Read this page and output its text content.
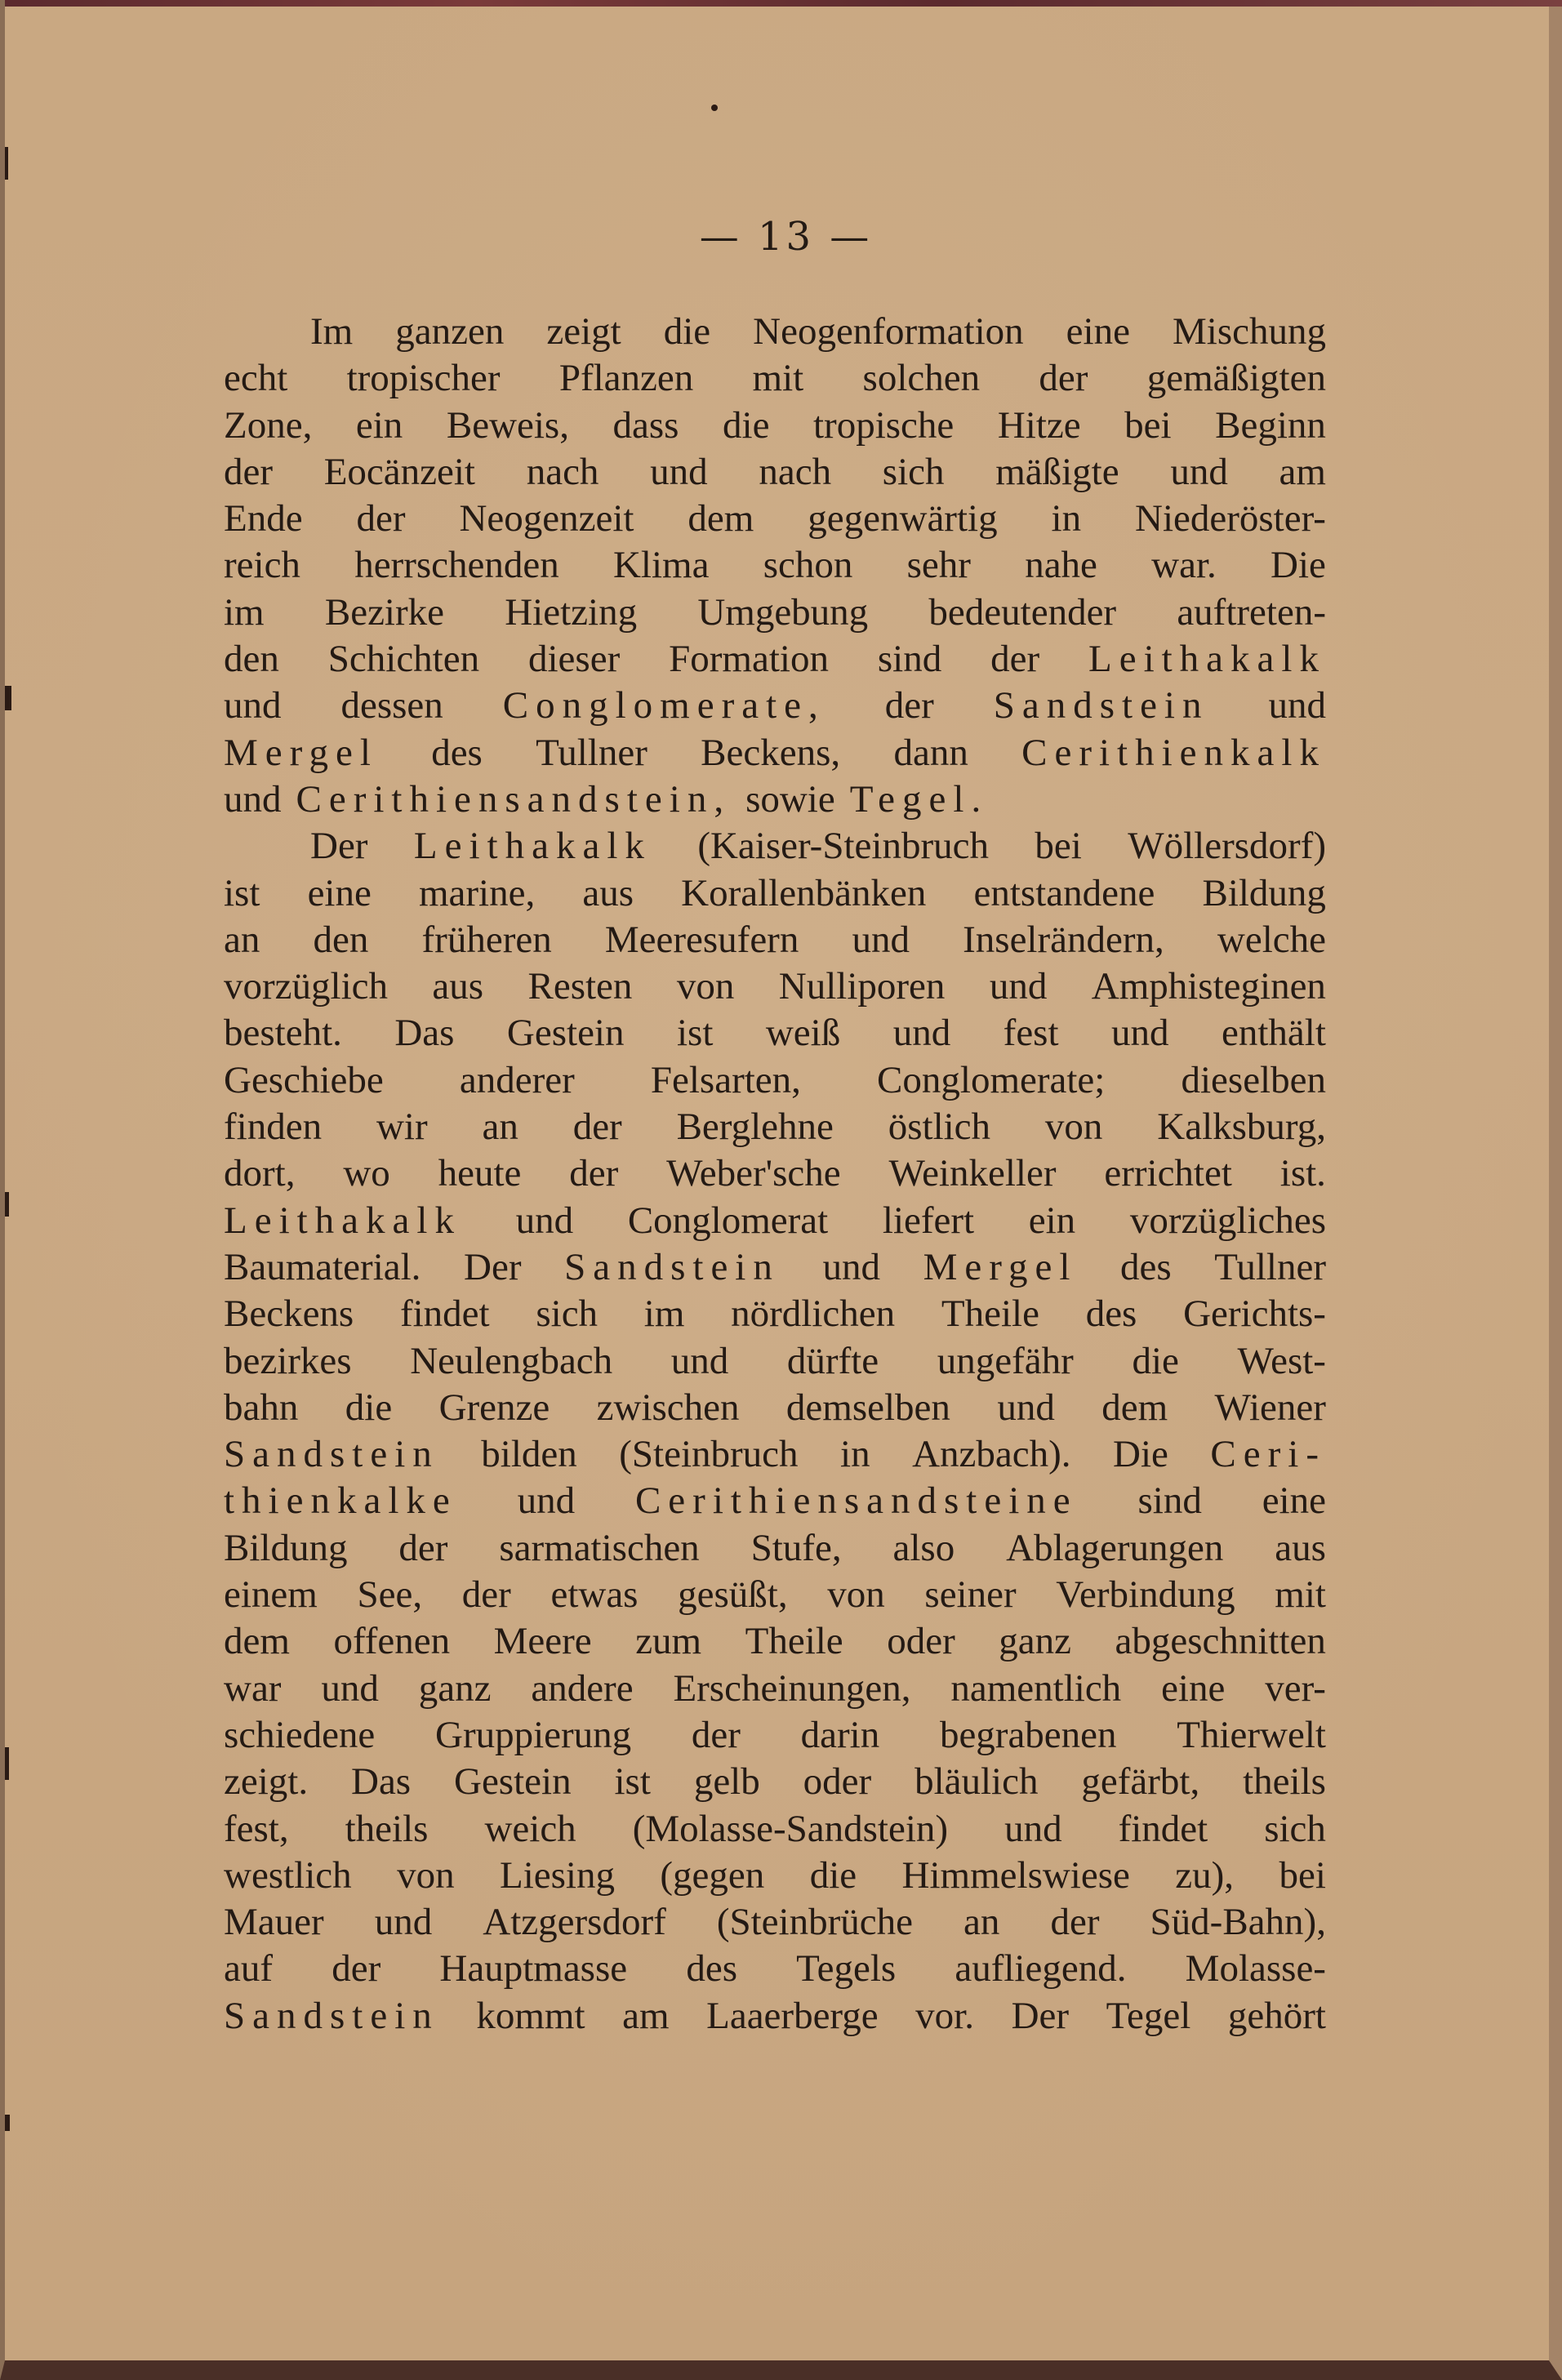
— 13 —
Im ganzen zeigt die Neogenformation eine Mischung
echt tropischer Pflanzen mit solchen der gemäßigten
Zone, ein Beweis, dass die tropische Hitze bei Beginn
der Eocänzeit nach und nach sich mäßigte und am
Ende der Neogenzeit dem gegenwärtig in Niederöster-
reich herrschenden Klima schon sehr nahe war. Die
im Bezirke Hietzing Umgebung bedeutender auftreten-
den Schichten dieser Formation sind der Leithakalk
und dessen Conglomerate, der Sandstein und
Mergel des Tullner Beckens, dann Cerithienkalk
und Cerithiensandstein, sowie Tegel.
Der Leithakalk (Kaiser-Steinbruch bei Wöllersdorf)
ist eine marine, aus Korallenbänken entstandene Bildung
an den früheren Meeresufern und Inselrändern, welche
vorzüglich aus Resten von Nulliporen und Amphisteginen
besteht. Das Gestein ist weiß und fest und enthält
Geschiebe anderer Felsarten, Conglomerate; dieselben
finden wir an der Berglehne östlich von Kalksburg,
dort, wo heute der Weber'sche Weinkeller errichtet ist.
Leithakalk und Conglomerat liefert ein vorzügliches
Baumaterial. Der Sandstein und Mergel des Tullner
Beckens findet sich im nördlichen Theile des Gerichts-
bezirkes Neulengbach und dürfte ungefähr die West-
bahn die Grenze zwischen demselben und dem Wiener
Sandstein bilden (Steinbruch in Anzbach). Die Ceri-
thienkalke und Cerithiensandsteine sind eine
Bildung der sarmatischen Stufe, also Ablagerungen aus
einem See, der etwas gesüßt, von seiner Verbindung mit
dem offenen Meere zum Theile oder ganz abgeschnitten
war und ganz andere Erscheinungen, namentlich eine ver-
schiedene Gruppierung der darin begrabenen Thierwelt
zeigt. Das Gestein ist gelb oder bläulich gefärbt, theils
fest, theils weich (Molasse-Sandstein) und findet sich
westlich von Liesing (gegen die Himmelswiese zu), bei
Mauer und Atzgersdorf (Steinbrüche an der Süd-Bahn),
auf der Hauptmasse des Tegels aufliegend. Molasse-
Sandstein kommt am Laaerberge vor. Der Tegel gehört
